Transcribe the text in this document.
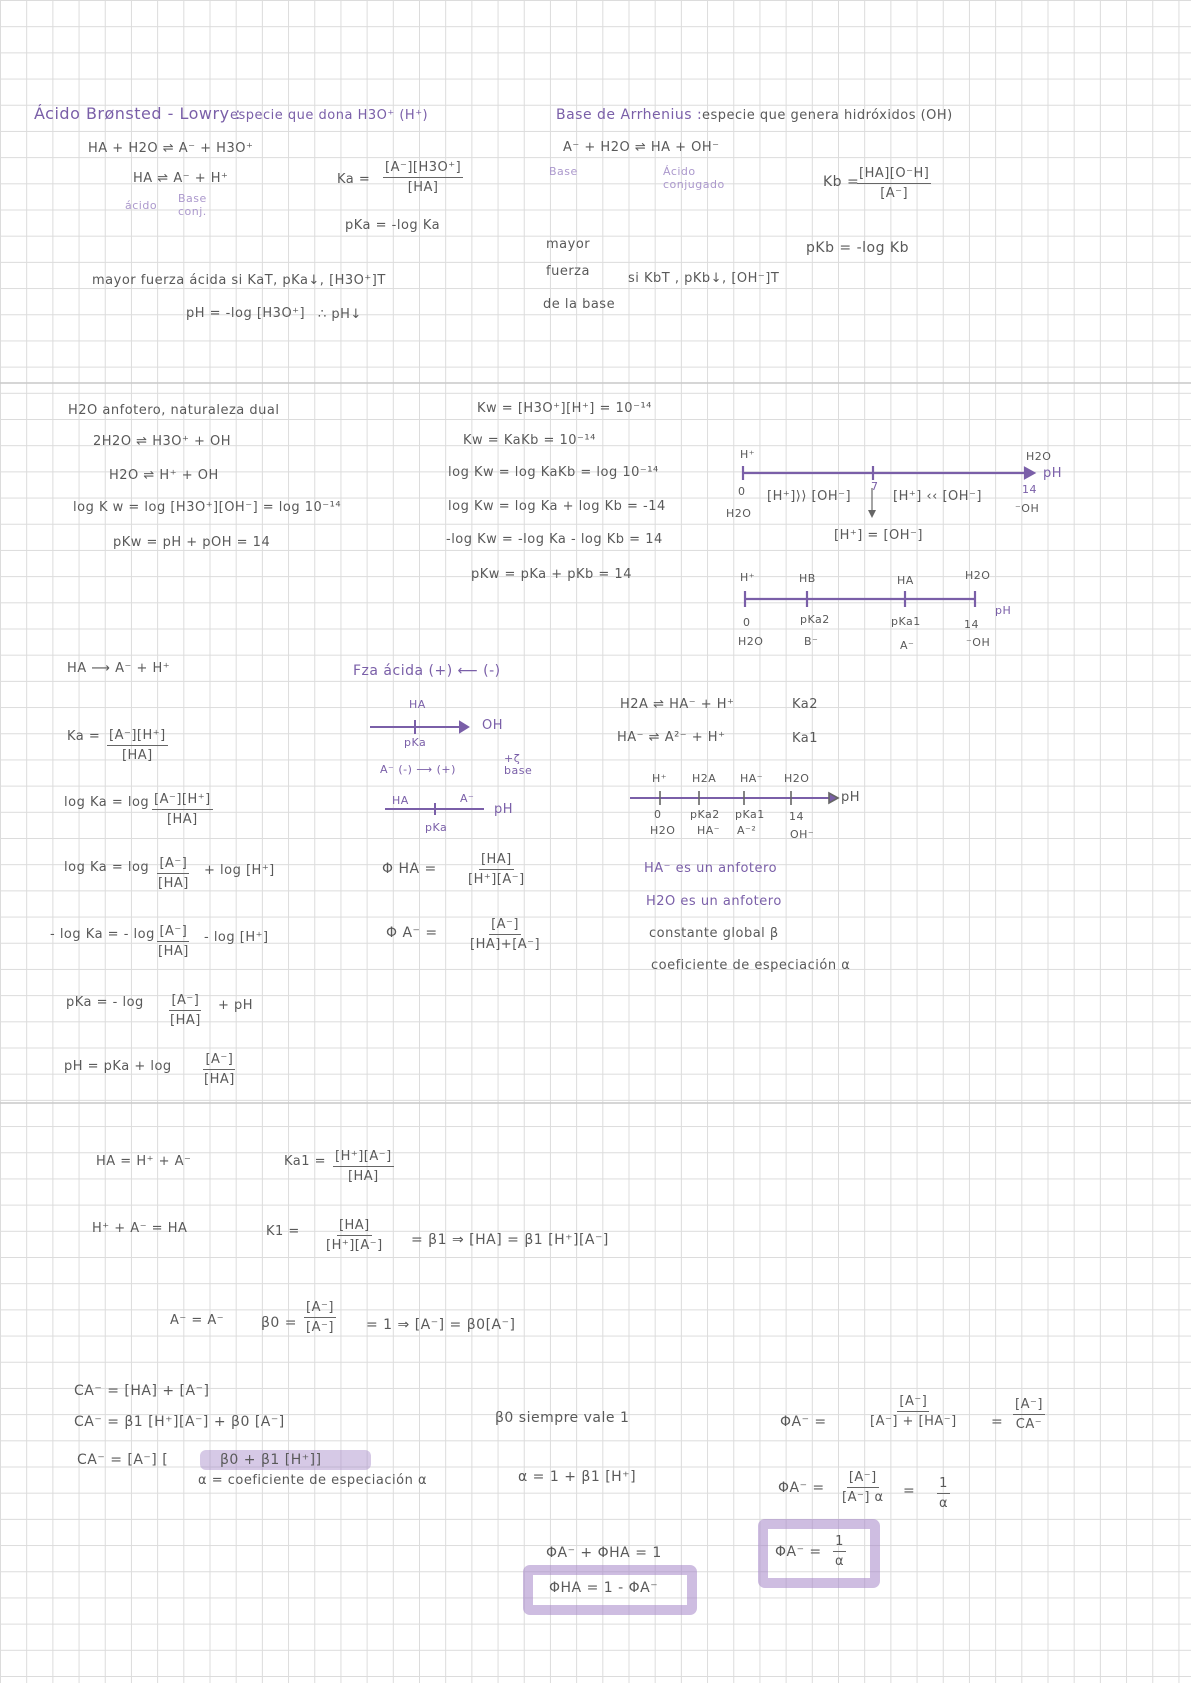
Ácido Brønsted - Lowry :
especie que dona H3O⁺ (H⁺)
HA + H2O ⇌ A⁻ + H3O⁺
HA ⇌ A⁻ + H⁺
ácido
Base
conj.
$Ka = \frac{[A^-][H3O^+]}{[HA]}$
pKa = -log Ka
mayor fuerza ácida si KaT, pKa↓, [H3O⁺]T
pH = -log [H3O⁺] ∴ pH↓
Base de Arrhenius : especie que genera hidróxidos (OH)
A⁻ + H2O ⇌ HA + OH⁻
Base	Ácido
conjugado	Kb =
$\frac{[HA][O^-H]}{[A^-]}$
pKb = -log Kb
mayor
fuerza
de la base
si KbT , pKb↓, [OH⁻]T
H2O anfotero, naturaleza dual
2H2O ⇌ H3O⁺ + OH
H2O ⇌ H⁺ + OH
log K w = log [H3O⁺][OH⁻] = log 10⁻¹⁴
pKw = pH + pOH = 14
Kw = [H3O⁺][H⁺] = 10⁻¹⁴
Kw = KaKb = 10⁻¹⁴
log Kw = log KaKb = log 10⁻¹⁴
log Kw = log Ka + log Kb = -14
-log Kw = -log Ka - log Kb = 14
pKw = pKa + pKb = 14
H⁺	H2O
pH
0
H2O
[H⁺]⟩⟩ [OH⁻]
7
[H⁺] ‹‹ [OH⁻]	14
⁻OH
[H⁺] = [OH⁻]
H⁺	HB	HA	H2O
pH
0	pKa2	pKa1	14
H2O	B⁻	A⁻	⁻OH
HA ⟶ A⁻ + H⁺
$Ka = \frac{[A^-][H^+]}{[HA]}$
$\log Ka = \log \frac{[A^-][H^+]}{[HA]}$
$\log Ka = \log \frac{[A^-]}{[HA]} + \log [H^+]$
- log Ka = - $\log \frac{[A^-]}{[HA]}$ - log [H⁺]
pKa = - $\log \frac{[A^-]}{[HA]}$ + pH
pH = pKa + $\log \frac{[A^-]}{[HA]}$
Fza ácida (+) ⟵ (-)
HA
OH
pKa
A⁻ (-) ⟶ (+)
+ζ
base
HA	A⁻
pH
pKa
Φ HA = $\frac{[HA]}{[H^+][A^-]}$
Φ $A^- = \frac{[A^-]}{[HA]+[A^-]}$
H2A ⇌ HA⁻ + H⁺	Ka2
HA⁻ ⇌ A²⁻ + H⁺	Ka1
H⁺ H2A HA⁻ H2O
pH
0	pKa2 pKa1 14
H2O HA⁻ A⁻²	OH⁻
HA⁻ es un anfotero
H2O es un anfotero
constante global β
coeficiente de especiación α
HA = H⁺ + A⁻	$Ka1 = \frac{[H^+][A^-]}{[HA]}$
H⁺ + A⁻ = HA	$K1 = \frac{[HA]}{[H^+][A^-]} = \beta 1$ ⇒ [HA] = β1 [H⁺][A⁻]
A⁻ = A⁻	$\beta 0 = \frac{[A^-]}{[A^-]} = 1$ ⇒ [A⁻] = β0[A⁻]
CA⁻ = [HA] + [A⁻]
CA⁻ = β1 [H⁺][A⁻] + β0 [A⁻]
CA⁻ = [A⁻] [	β0 + β1 [H⁺]]
α = coeficiente de especiación α
β0 siempre vale 1
α = 1 + β1 [H⁺]
ΦA⁻ + ΦHA = 1
ΦHA = 1 - ΦA⁻
ΦA⁻ =	$\frac{[A^-]}{[A^-] + [HA^-]} = \frac{[A^-]}{CA^-}$
$\Phi A^- = \frac{[A^-]}{[A^-] \alpha} = \frac{1}{\alpha}$
$\Phi A^- = \frac{1}{\alpha}$
